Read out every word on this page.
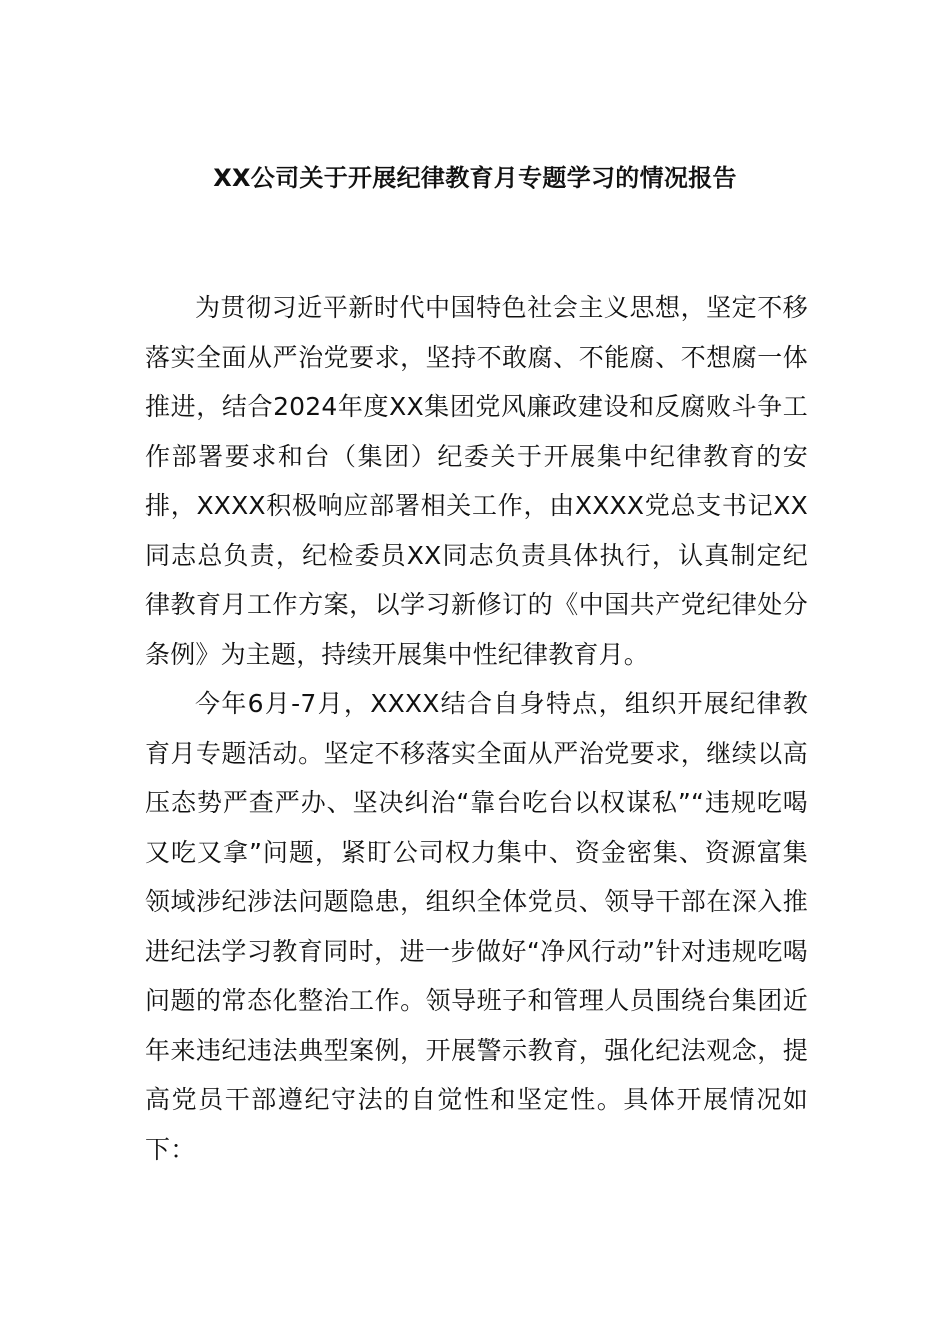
XX公司关于开展纪律教育月专题学习的情况报告

为贯彻习近平新时代中国特色社会主义思想，坚定不移落实全面从严治党要求，坚持不敢腐、不能腐、不想腐一体推进，结合2024年度XX集团党风廉政建设和反腐败斗争工作部署要求和台（集团）纪委关于开展集中纪律教育的安排，XXXX积极响应部署相关工作，由XXXX党总支书记XX同志总负责，纪检委员XX同志负责具体执行，认真制定纪律教育月工作方案，以学习新修订的《中国共产党纪律处分条例》为主题，持续开展集中性纪律教育月。

今年6月-7月，XXXX结合自身特点，组织开展纪律教育月专题活动。坚定不移落实全面从严治党要求，继续以高压态势严查严办、坚决纠治“靠台吃台以权谋私”“违规吃喝又吃又拿”问题，紧盯公司权力集中、资金密集、资源富集领域涉纪涉法问题隐患，组织全体党员、领导干部在深入推进纪法学习教育同时，进一步做好“净风行动”针对违规吃喝问题的常态化整治工作。领导班子和管理人员围绕台集团近年来违纪违法典型案例，开展警示教育，强化纪法观念，提高党员干部遵纪守法的自觉性和坚定性。具体开展情况如下：
